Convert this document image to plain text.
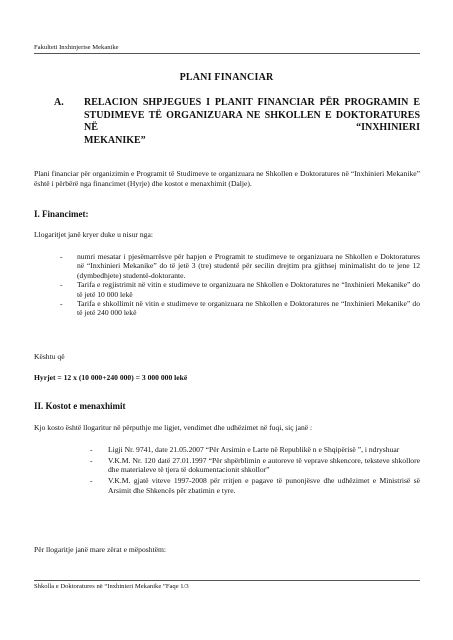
Fakulteti Inxhinjerise Mekanike
PLANI FINANCIAR
A. RELACION SHPJEGUES I PLANIT FINANCIAR PËR PROGRAMIN E STUDIMEVE TË ORGANIZUARA NE SHKOLLEN E DOKTORATURES NË “INXHINIERI
MEKANIKE”
Plani financiar për organizimin e Programit të Studimeve te organizuara ne Shkollen e Doktoratures në “Inxhinieri Mekanike” është i përbërë nga financimet (Hyrje) dhe kostot e menaxhimit (Dalje).
I. Financimet:
Llogaritjet janë kryer duke u nisur nga:
- numri mesatar i pjesëmarrësve për hapjen e Programit te studimeve te organizuara ne Shkollen e Doktoratures në “Inxhinieri Mekanike” do të jetë 3 (tre) studentë për secilin drejtim pra gjithsej minimalisht do te jene 12 (dymbedhjete) studentë-doktorante.
- Tarifa e regjistrimit në vitin e studimeve te organizuara ne Shkollen e Doktoratures ne “Inxhinieri Mekanike” do të jetë 10 000 lekë
- Tarifa e shkollimit në vitin e studimeve te organizuara ne Shkollen e Doktoratures ne “Inxhinieri Mekanike” do të jetë 240 000 lekë
Kështu që
Hyrjet = 12 x (10 000+240 000) = 3 000 000 lekë
II. Kostot e menaxhimit
Kjo kosto është llogaritur në përputhje me ligjet, vendimet dhe udhëzimet në fuqi, siç janë :
- Ligji Nr. 9741, date 21.05.2007 “Për Arsimin e Larte në Republikë n e Shqipërisë ”, i ndryshuar
- V.K.M. Nr. 120 datë 27.01.1997 “Për shpërblimin e autoreve të veprave shkencore, teksteve shkollore dhe materialeve të tjera të dokumentacionit shkollor”
- V.K.M. gjatë viteve 1997-2008 për rritjen e pagave të punonjësve dhe udhëzimet e Ministrisë së Arsimit dhe Shkencës për zbatimin e tyre.
Për llogaritje janë mare zërat e mëposhtëm:
Shkolla e Doktoratures në “Inxhinieri Mekanike ”Faqe 1/3
